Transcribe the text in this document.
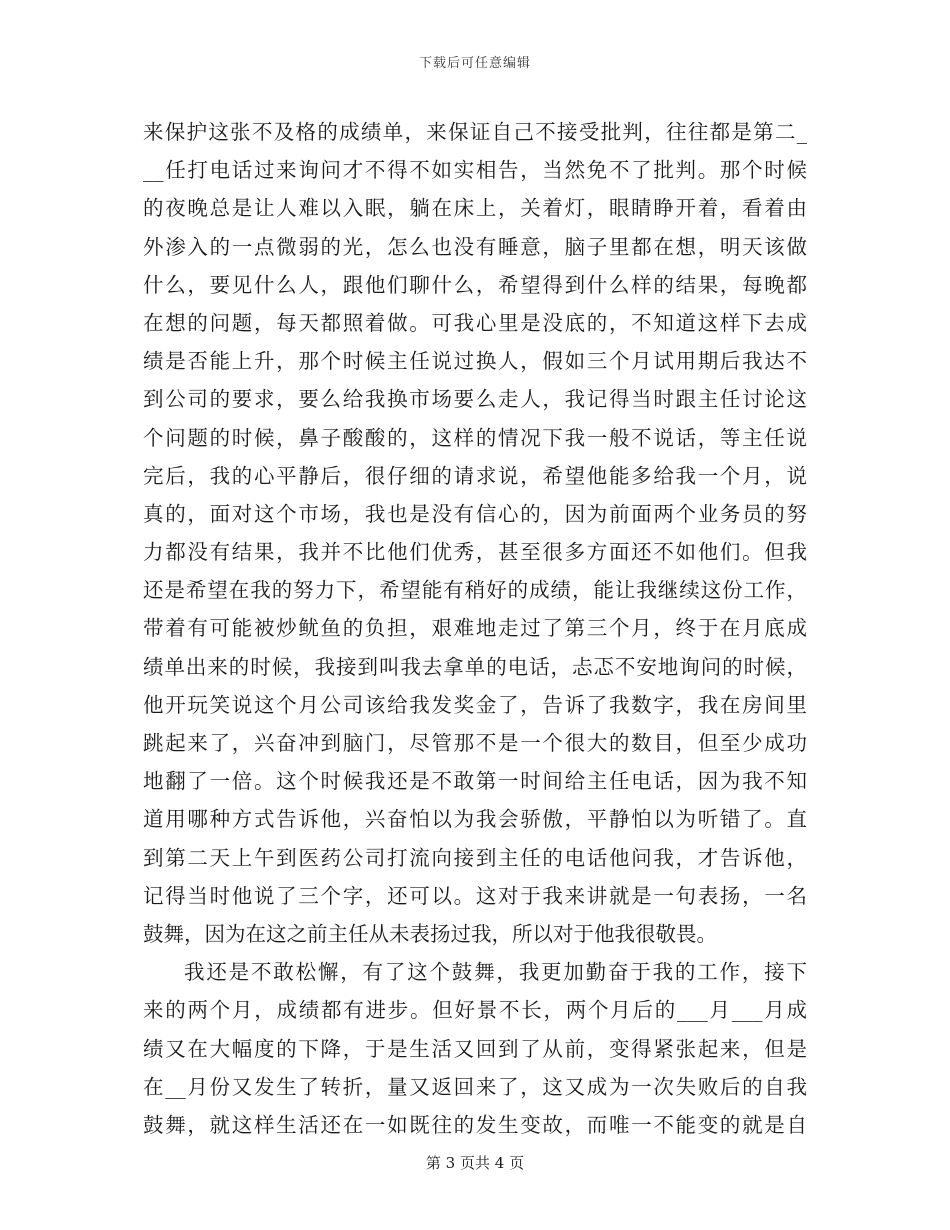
下载后可任意编辑
来保护这张不及格的成绩单，来保证自己不接受批判，往往都是第二_
__任打电话过来询问才不得不如实相告，当然免不了批判。那个时候
的夜晚总是让人难以入眠，躺在床上，关着灯，眼睛睁开着，看着由
外渗入的一点微弱的光，怎么也没有睡意，脑子里都在想，明天该做
什么，要见什么人，跟他们聊什么，希望得到什么样的结果，每晚都
在想的问题，每天都照着做。可我心里是没底的，不知道这样下去成
绩是否能上升，那个时候主任说过换人，假如三个月试用期后我达不
到公司的要求，要么给我换市场要么走人，我记得当时跟主任讨论这
个问题的时候，鼻子酸酸的，这样的情况下我一般不说话，等主任说
完后，我的心平静后，很仔细的请求说，希望他能多给我一个月，说
真的，面对这个市场，我也是没有信心的，因为前面两个业务员的努
力都没有结果，我并不比他们优秀，甚至很多方面还不如他们。但我
还是希望在我的努力下，希望能有稍好的成绩，能让我继续这份工作，
带着有可能被炒鱿鱼的负担，艰难地走过了第三个月，终于在月底成
绩单出来的时候，我接到叫我去拿单的电话，忐忑不安地询问的时候，
他开玩笑说这个月公司该给我发奖金了，告诉了我数字，我在房间里
跳起来了，兴奋冲到脑门，尽管那不是一个很大的数目，但至少成功
地翻了一倍。这个时候我还是不敢第一时间给主任电话，因为我不知
道用哪种方式告诉他，兴奋怕以为我会骄傲，平静怕以为听错了。直
到第二天上午到医药公司打流向接到主任的电话他问我，才告诉他，
记得当时他说了三个字，还可以。这对于我来讲就是一句表扬，一名
鼓舞，因为在这之前主任从未表扬过我，所以对于他我很敬畏。
我还是不敢松懈，有了这个鼓舞，我更加勤奋于我的工作，接下
来的两个月，成绩都有进步。但好景不长，两个月后的___月___月成
绩又在大幅度的下降，于是生活又回到了从前，变得紧张起来，但是
在__月份又发生了转折，量又返回来了，这又成为一次失败后的自我
鼓舞，就这样生活还在一如既往的发生变故，而唯一不能变的就是自
第 3 页共 4 页
